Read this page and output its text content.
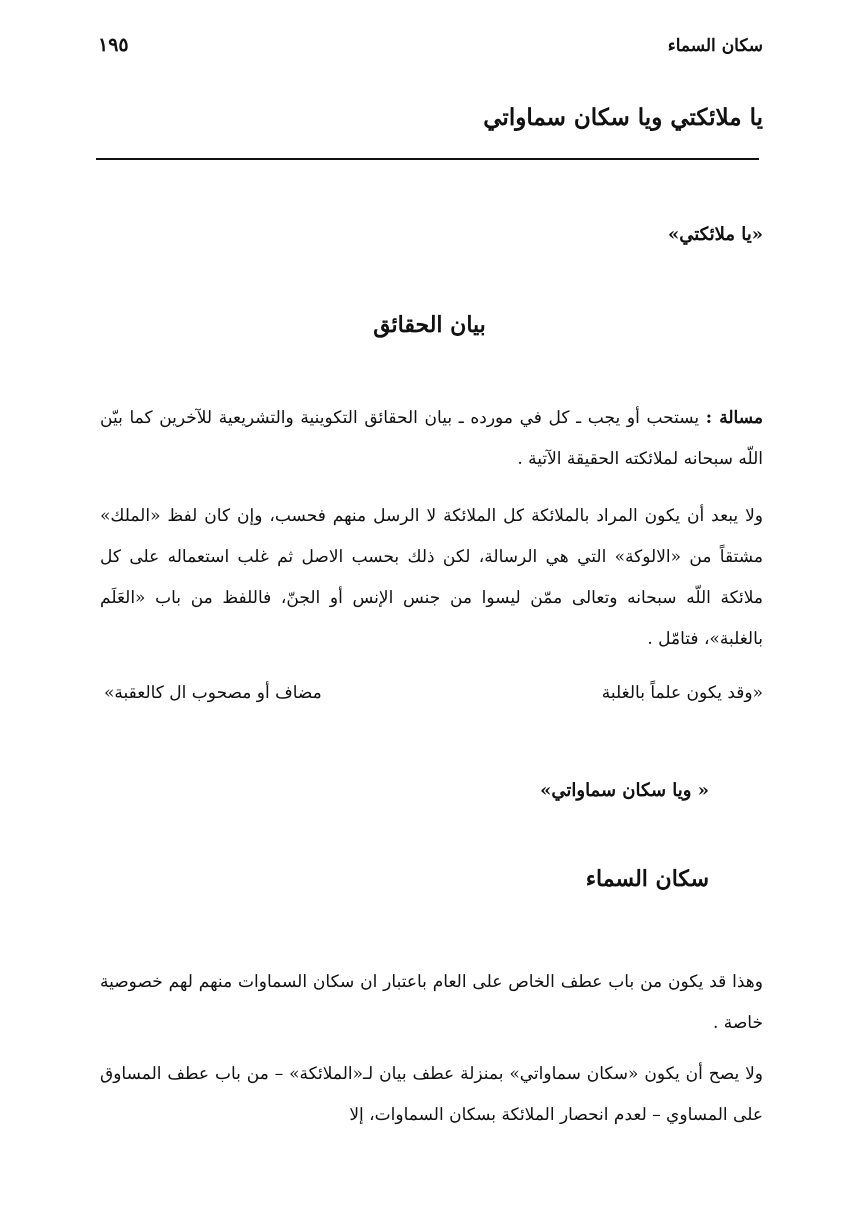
سكان السماء
١٩٥
يا ملائكتي ويا سكان سماواتي
«يا ملائكتي»
بيان الحقائق
مسالة : يستحب أو يجب ـ كل في مورده ـ بيان الحقائق التكوينية والتشريعية للآخرين كما بيّن اللّه سبحانه لملائكته الحقيقة الآتية .
ولا يبعد أن يكون المراد بالملائكة كل الملائكة لا الرسل منهم فحسب، وإن كان لفظ «الملك» مشتقاً من «الالوكة» التي هي الرسالة، لكن ذلك بحسب الاصل ثم غلب استعماله على كل ملائكة اللّه سبحانه وتعالى ممّن ليسوا من جنس الإنس أو الجنّ، فاللفظ من باب «العَلَم بالغلبة»، فتامّل .
«وقد يكون علماً بالغلبة
مضاف أو مصحوب ال كالعقبة»
« ويا سكان سماواتي»
سكان السماء
وهذا قد يكون من باب عطف الخاص على العام باعتبار ان سكان السماوات منهم لهم خصوصية خاصة .
ولا يصح أن يكون «سكان سماواتي» بمنزلة عطف بيان لـ«الملائكة» – من باب عطف المساوق على المساوي – لعدم انحصار الملائكة بسكان السماوات، إلا
